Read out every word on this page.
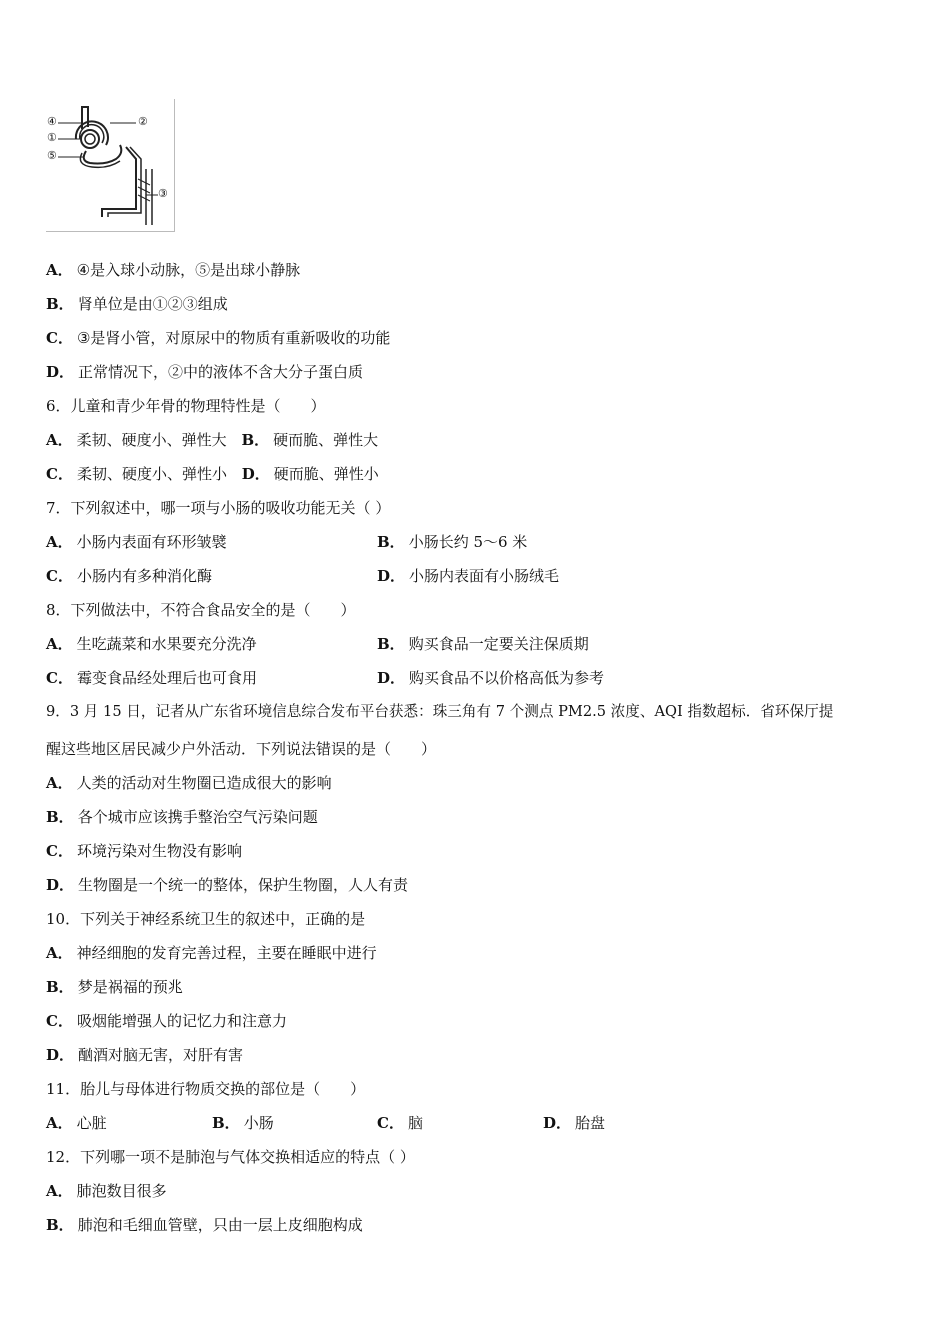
④	②
①
⑤
③
A． ④是入球小动脉，⑤是出球小静脉
B． 肾单位是由①②③组成
C． ③是肾小管，对原尿中的物质有重新吸收的功能
D． 正常情况下，②中的液体不含大分子蛋白质
6．儿童和青少年骨的物理特性是（　　）
A． 柔韧、硬度小、弹性大 B． 硬而脆、弹性大
C． 柔韧、硬度小、弹性小 D． 硬而脆、弹性小
7．下列叙述中，哪一项与小肠的吸收功能无关（ ）
A． 小肠内表面有环形皱襞	B． 小肠长约 5～6 米
C． 小肠内有多种消化酶	D． 小肠内表面有小肠绒毛
8．下列做法中，不符合食品安全的是（　　）
A． 生吃蔬菜和水果要充分洗净	B． 购买食品一定要关注保质期
C． 霉变食品经处理后也可食用	D． 购买食品不以价格高低为参考
9．3 月 15 日，记者从广东省环境信息综合发布平台获悉：珠三角有 7 个测点 PM2.5 浓度、AQI 指数超标．省环保厅提
醒这些地区居民减少户外活动．下列说法错误的是（　　）
A． 人类的活动对生物圈已造成很大的影响
B． 各个城市应该携手整治空气污染问题
C． 环境污染对生物没有影响
D． 生物圈是一个统一的整体，保护生物圈，人人有责
10．下列关于神经系统卫生的叙述中，正确的是
A． 神经细胞的发育完善过程，主要在睡眠中进行
B． 梦是祸福的预兆
C． 吸烟能增强人的记忆力和注意力
D． 酗酒对脑无害，对肝有害
11．胎儿与母体进行物质交换的部位是（　　）
A． 心脏	B． 小肠	C． 脑	D． 胎盘
12．下列哪一项不是肺泡与气体交换相适应的特点（ ）
A． 肺泡数目很多
B． 肺泡和毛细血管壁，只由一层上皮细胞构成
